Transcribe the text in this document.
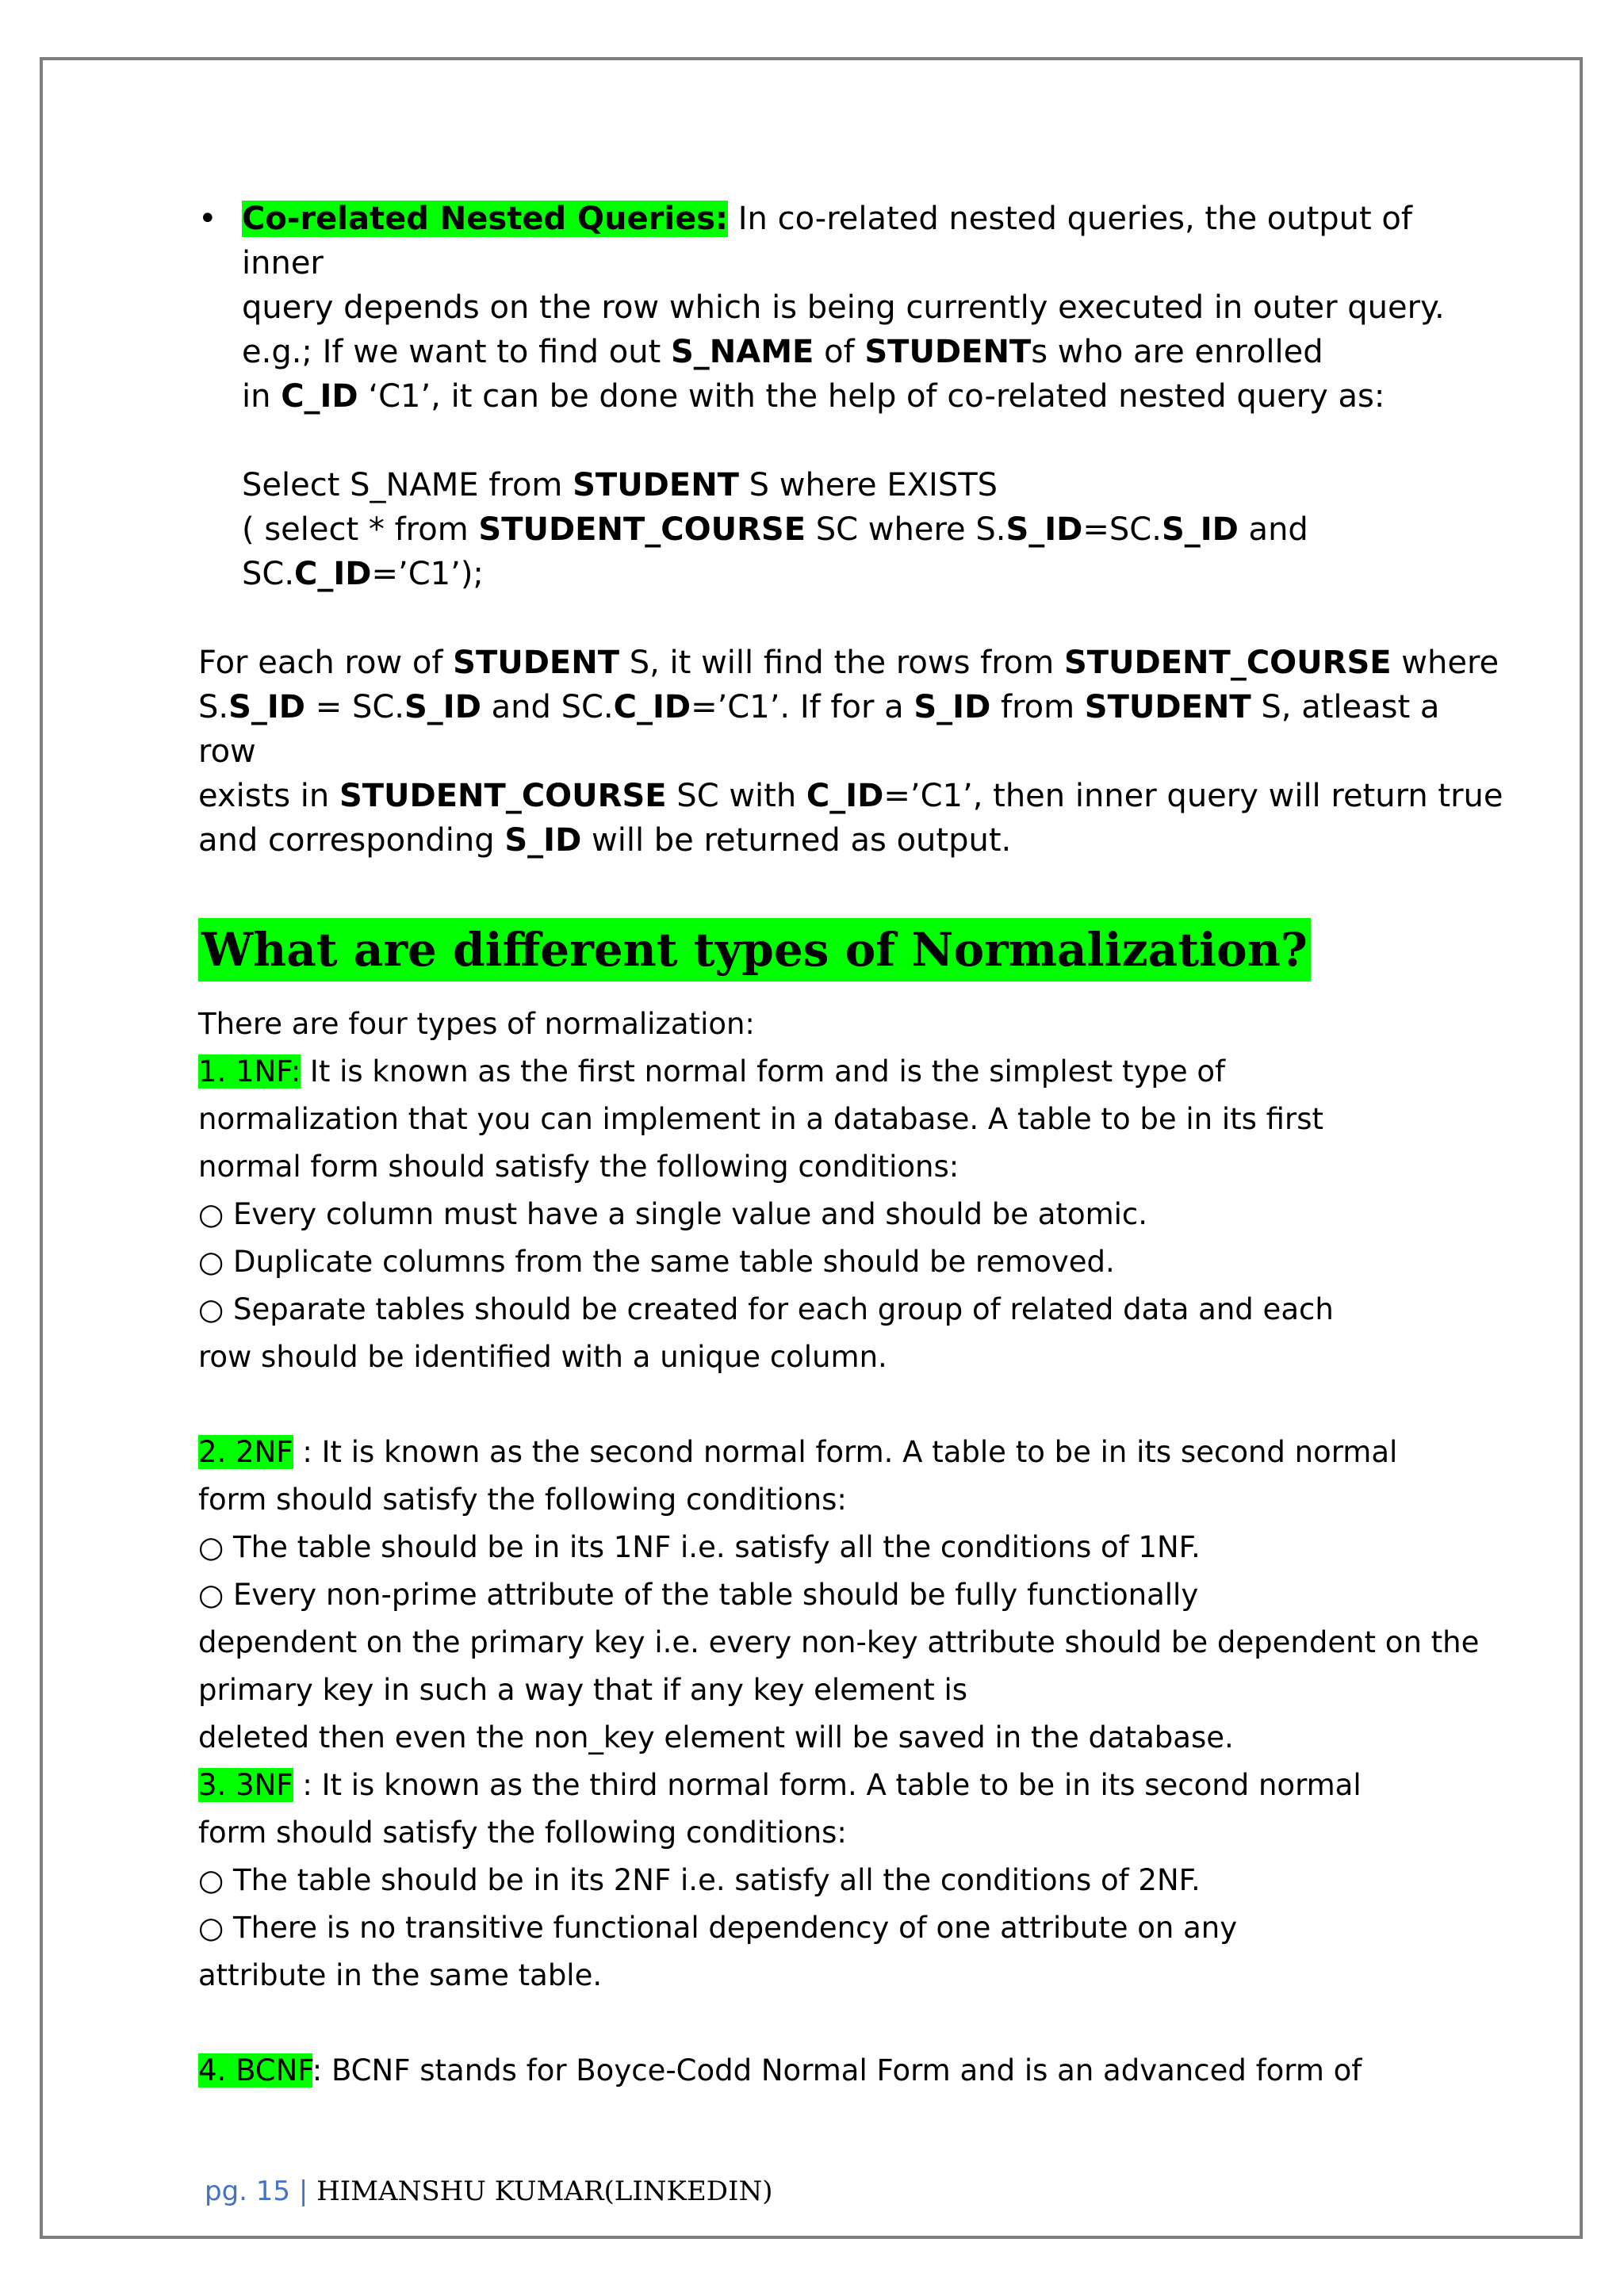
• Co-related Nested Queries: In co-related nested queries, the output of inner
query depends on the row which is being currently executed in outer query.
e.g.; If we want to find out S_NAME of STUDENTs who are enrolled
in C_ID ‘C1’, it can be done with the help of co-related nested query as:
Select S_NAME from STUDENT S where EXISTS
( select * from STUDENT_COURSE SC where S.S_ID=SC.S_ID and
SC.C_ID=’C1’);
For each row of STUDENT S, it will find the rows from STUDENT_COURSE where
S.S_ID = SC.S_ID and SC.C_ID=’C1’. If for a S_ID from STUDENT S, atleast a row
exists in STUDENT_COURSE SC with C_ID=’C1’, then inner query will return true
and corresponding S_ID will be returned as output.
What are different types of Normalization?
There are four types of normalization:
1. 1NF: It is known as the first normal form and is the simplest type of
normalization that you can implement in a database. A table to be in its first
normal form should satisfy the following conditions:
○ Every column must have a single value and should be atomic.
○ Duplicate columns from the same table should be removed.
○ Separate tables should be created for each group of related data and each
row should be identified with a unique column.
2. 2NF : It is known as the second normal form. A table to be in its second normal
form should satisfy the following conditions:
○ The table should be in its 1NF i.e. satisfy all the conditions of 1NF.
○ Every non-prime attribute of the table should be fully functionally
dependent on the primary key i.e. every non-key attribute should be dependent on the
primary key in such a way that if any key element is
deleted then even the non_key element will be saved in the database.
3. 3NF : It is known as the third normal form. A table to be in its second normal
form should satisfy the following conditions:
○ The table should be in its 2NF i.e. satisfy all the conditions of 2NF.
○ There is no transitive functional dependency of one attribute on any
attribute in the same table.
4. BCNF: BCNF stands for Boyce-Codd Normal Form and is an advanced form of
pg. 15 | HIMANSHU KUMAR(LINKEDIN)
